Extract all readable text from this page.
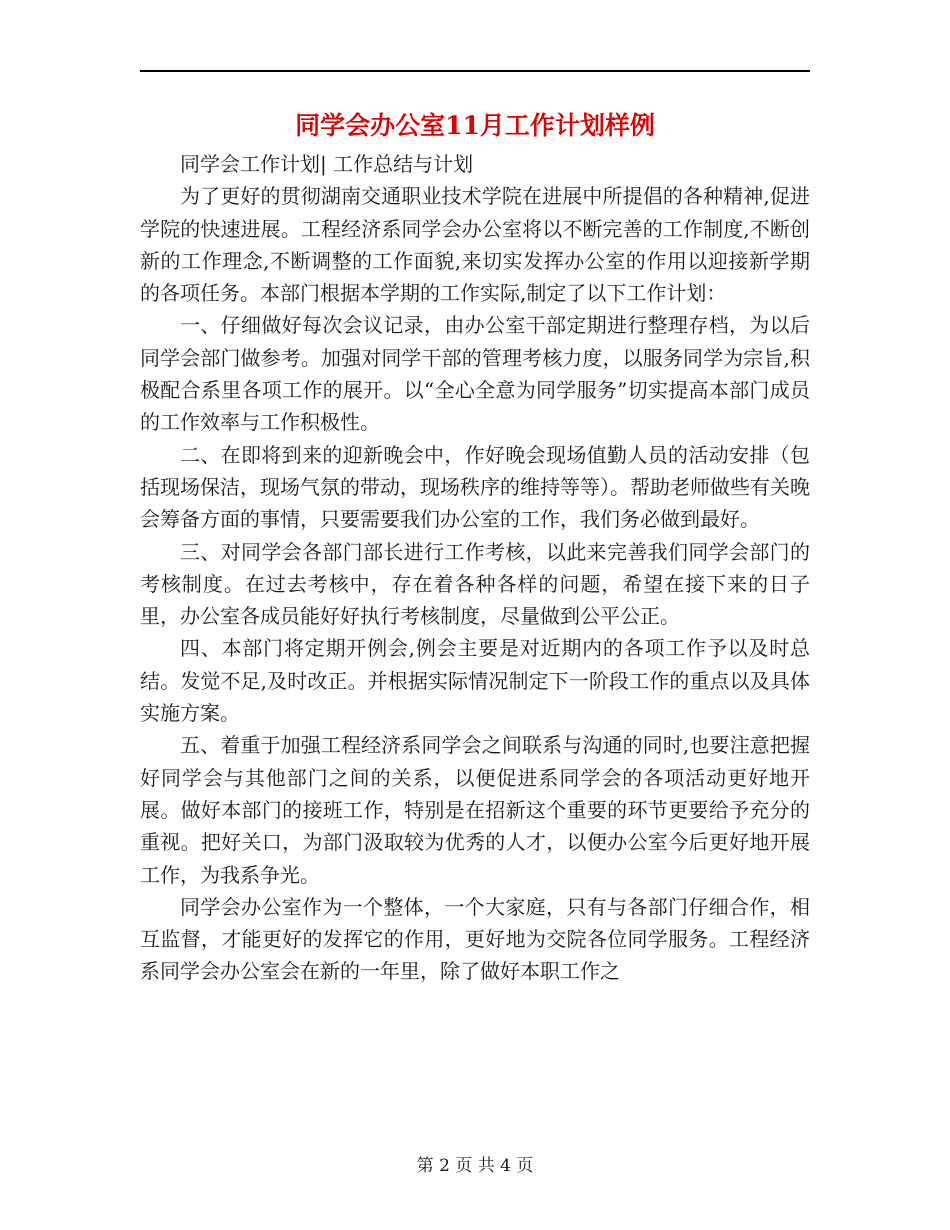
同学会办公室11月工作计划样例

同学会工作计划| 工作总结与计划

为了更好的贯彻湖南交通职业技术学院在进展中所提倡的各种精神,促进学院的快速进展。工程经济系同学会办公室将以不断完善的工作制度,不断创新的工作理念,不断调整的工作面貌,来切实发挥办公室的作用以迎接新学期的各项任务。本部门根据本学期的工作实际,制定了以下工作计划：

一、仔细做好每次会议记录，由办公室干部定期进行整理存档，为以后同学会部门做参考。加强对同学干部的管理考核力度，以服务同学为宗旨,积极配合系里各项工作的展开。以“全心全意为同学服务”切实提高本部门成员的工作效率与工作积极性。

二、在即将到来的迎新晚会中，作好晚会现场值勤人员的活动安排（包括现场保洁，现场气氛的带动，现场秩序的维持等等）。帮助老师做些有关晚会筹备方面的事情，只要需要我们办公室的工作，我们务必做到最好。

三、对同学会各部门部长进行工作考核，以此来完善我们同学会部门的考核制度。在过去考核中，存在着各种各样的问题，希望在接下来的日子里，办公室各成员能好好执行考核制度，尽量做到公平公正。

四、本部门将定期开例会,例会主要是对近期内的各项工作予以及时总结。发觉不足,及时改正。并根据实际情况制定下一阶段工作的重点以及具体实施方案。

五、着重于加强工程经济系同学会之间联系与沟通的同时,也要注意把握好同学会与其他部门之间的关系，以便促进系同学会的各项活动更好地开展。做好本部门的接班工作，特别是在招新这个重要的环节更要给予充分的重视。把好关口，为部门汲取较为优秀的人才，以便办公室今后更好地开展工作，为我系争光。

同学会办公室作为一个整体，一个大家庭，只有与各部门仔细合作，相互监督，才能更好的发挥它的作用，更好地为交院各位同学服务。工程经济系同学会办公室会在新的一年里，除了做好本职工作之

第 2 页 共 4 页
